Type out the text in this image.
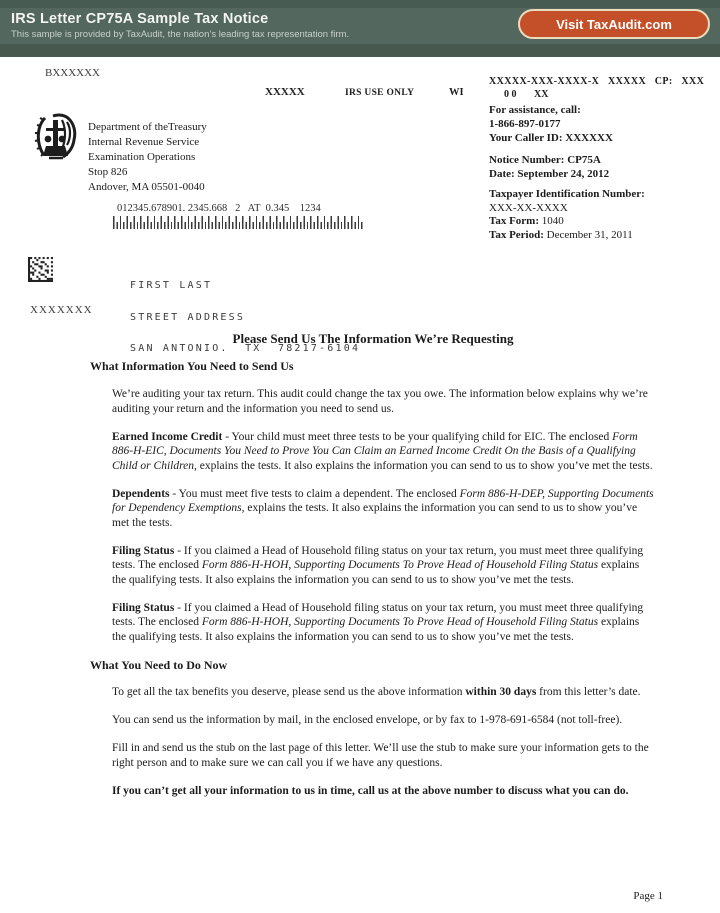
IRS Letter CP75A Sample Tax Notice
This sample is provided by TaxAudit, the nation’s leading tax representation firm.
Visit TaxAudit.com
BXXXXXX
XXXXX	IRS USE ONLY	WI
XXXXX-XXX-XXXX-X   XXXXX   CP:   XXX
0 0       XX
Department of theTreasury
Internal Revenue Service
Examination Operations
Stop 826
Andover, MA 05501-0040
For assistance, call:
1-866-897-0177
Your Caller ID: XXXXXX
Notice Number: CP75A
Date: September 24, 2012
Taxpayer Identification Number:
XXX-XX-XXXX
Tax Form: 1040
Tax Period: December 31, 2011
012345.678901. 2345.668   2   AT  0.345    1234

FIRST LAST

STREET ADDRESS

SAN ANTONIO.  TX  78217-6104

XXXXXXX
Please Send Us The Information We’re Requesting
What Information You Need to Send Us

We’re auditing your tax return. This audit could change the tax you owe. The information below explains why we’re auditing your return and the information you need to send us.

Earned Income Credit - Your child must meet three tests to be your qualifying child for EIC. The enclosed Form 886-H-EIC, Documents You Need to Prove You Can Claim an Earned Income Credit On the Basis of a Qualifying Child or Children, explains the tests. It also explains the information you can send to us to show you’ve met the tests.

Dependents - You must meet five tests to claim a dependent. The enclosed Form 886-H-DEP, Supporting Documents for Dependency Exemptions, explains the tests. It also explains the information you can send to us to show you’ve met the tests.

Filing Status - If you claimed a Head of Household filing status on your tax return, you must meet three qualifying tests. The enclosed Form 886-H-HOH, Supporting Documents To Prove Head of Household Filing Status explains the qualifying tests. It also explains the information you can send to us to show you’ve met the tests.

Filing Status - If you claimed a Head of Household filing status on your tax return, you must meet three qualifying tests. The enclosed Form 886-H-HOH, Supporting Documents To Prove Head of Household Filing Status explains the qualifying tests. It also explains the information you can send to us to show you’ve met the tests.

What You Need to Do Now

To get all the tax benefits you deserve, please send us the above information within 30 days from this letter’s date.

You can send us the information by mail, in the enclosed envelope, or by fax to 1-978-691-6584 (not toll-free).

Fill in and send us the stub on the last page of this letter. We’ll use the stub to make sure your information gets to the right person and to make sure we can call you if we have any questions.

If you can’t get all your information to us in time, call us at the above number to discuss what you can do.

Page 1
